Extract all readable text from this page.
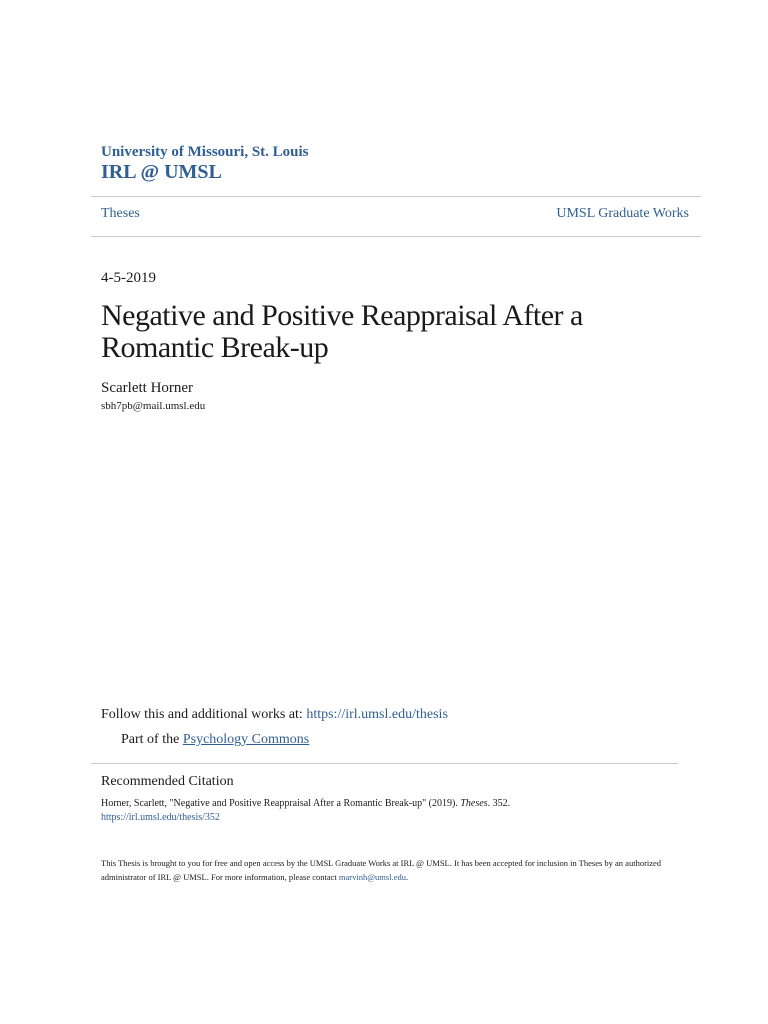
University of Missouri, St. Louis
IRL @ UMSL
Theses	UMSL Graduate Works
4-5-2019
Negative and Positive Reappraisal After a Romantic Break-up
Scarlett Horner
sbh7pb@mail.umsl.edu
Follow this and additional works at: https://irl.umsl.edu/thesis
Part of the Psychology Commons
Recommended Citation
Horner, Scarlett, "Negative and Positive Reappraisal After a Romantic Break-up" (2019). Theses. 352.
https://irl.umsl.edu/thesis/352
This Thesis is brought to you for free and open access by the UMSL Graduate Works at IRL @ UMSL. It has been accepted for inclusion in Theses by an authorized administrator of IRL @ UMSL. For more information, please contact marvinh@umsl.edu.
